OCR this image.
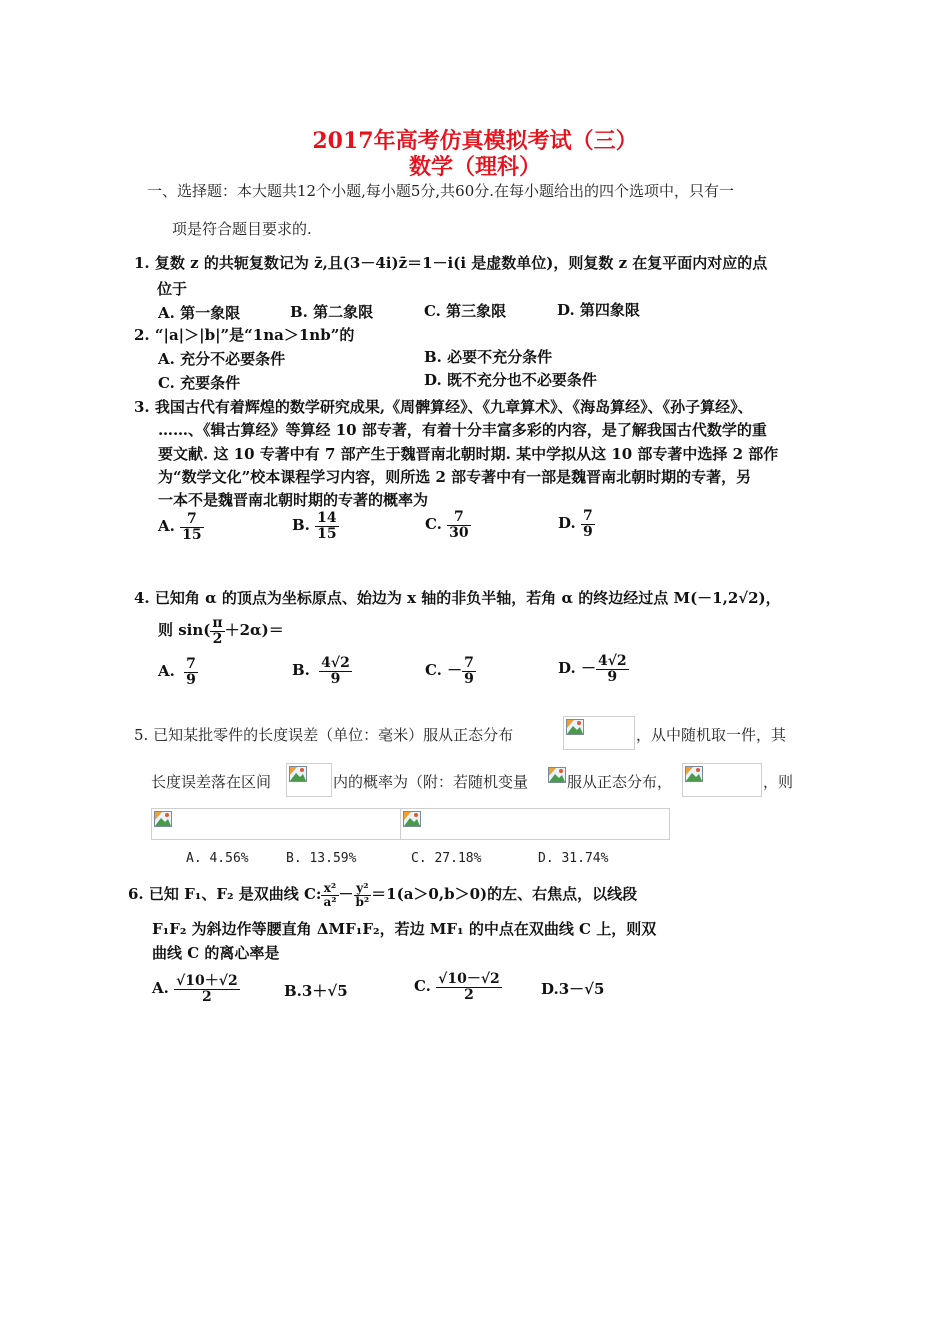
2017年高考仿真模拟考试（三）
数学（理科）
一、选择题：本大题共12个小题,每小题5分,共60分.在每小题给出的四个选项中，只有一
项是符合题目要求的.
1. 复数 z 的共轭复数记为 z̄,且(3－4i)z̄＝1－i(i 是虚数单位)，则复数 z 在复平面内对应的点
位于
A. 第一象限	B. 第二象限	C. 第三象限	D. 第四象限
2. “|a|＞|b|”是“1na＞1nb”的
A. 充分不必要条件	B. 必要不充分条件
C. 充要条件	D. 既不充分也不必要条件
3. 我国古代有着辉煌的数学研究成果,《周髀算经》、《九章算术》、《海岛算经》、《孙子算经》、
……、《辑古算经》等算经 10 部专著，有着十分丰富多彩的内容，是了解我国古代数学的重
要文献. 这 10 专著中有 7 部产生于魏晋南北朝时期. 某中学拟从这 10 部专著中选择 2 部作
为“数学文化”校本课程学习内容，则所选 2 部专著中有一部是魏晋南北朝时期的专著，另
一本不是魏晋南北朝时期的专著的概率为
A. $\frac{7}{15}$	B. $\frac{14}{15}$	C. $\frac{7}{30}$	D. $\frac{7}{9}$
4. 已知角 α 的顶点为坐标原点、始边为 x 轴的非负半轴，若角 α 的终边经过点 M(－1,2√2)，
则 $\sin( \frac{\pi}{2} +2\alpha)=$
A. $\frac{7}{9}$	B. $\frac{4√2}{9}$	C. － $\frac{7}{9}$	D. － $\frac{4√2}{9}$
5. 已知某批零件的长度误差（单位：毫米）服从正态分布	，从中随机取一件，其
长度误差落在区间	内的概率为（附：若随机变量	服从正态分布，	，则
A. 4.56%	B. 13.59%	C. 27.18%	D. 31.74%
6. 已知 F₁、F₂ 是双曲线 C: $\frac{\text{x²}}{\text{a²}} - \frac{\text{y²}}{\text{b²}} =1(a>0,b>0)$的左、右焦点，以线段
F₁F₂ 为斜边作等腰直角 ΔMF₁F₂，若边 MF₁ 的中点在双曲线 C 上，则双
曲线 C 的离心率是
A. $\frac{√10+√2}{2}$	B.3＋√5	C. $\frac{√10-√2}{2}$	D.3－√5
